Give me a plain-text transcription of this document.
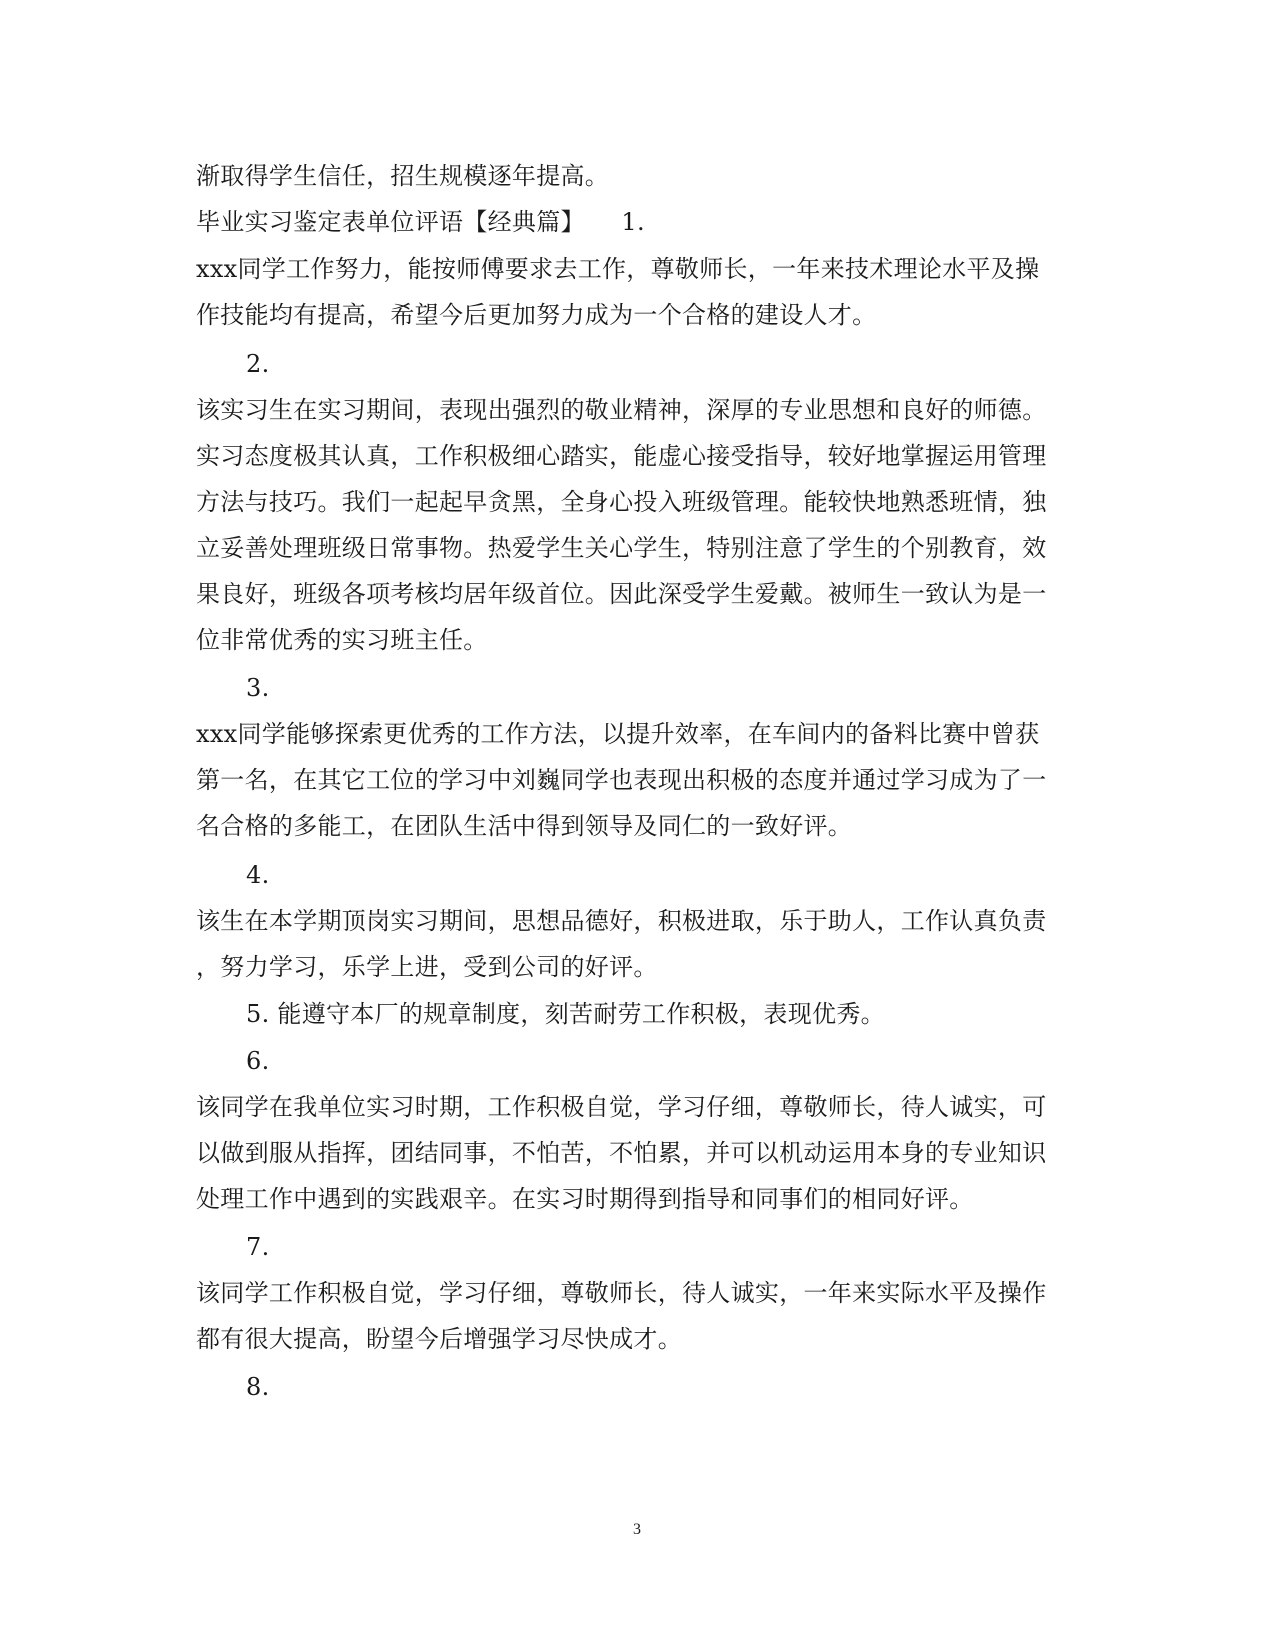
渐取得学生信任，招生规模逐年提高。
毕业实习鉴定表单位评语【经典篇】　　1.
xxx同学工作努力，能按师傅要求去工作，尊敬师长，一年来技术理论水平及操
作技能均有提高，希望今后更加努力成为一个合格的建设人才。
2.
该实习生在实习期间，表现出强烈的敬业精神，深厚的专业思想和良好的师德。
实习态度极其认真，工作积极细心踏实，能虚心接受指导，较好地掌握运用管理
方法与技巧。我们一起起早贪黑，全身心投入班级管理。能较快地熟悉班情，独
立妥善处理班级日常事物。热爱学生关心学生，特别注意了学生的个别教育，效
果良好，班级各项考核均居年级首位。因此深受学生爱戴。被师生一致认为是一
位非常优秀的实习班主任。
3.
xxx同学能够探索更优秀的工作方法，以提升效率，在车间内的备料比赛中曾获
第一名，在其它工位的学习中刘巍同学也表现出积极的态度并通过学习成为了一
名合格的多能工，在团队生活中得到领导及同仁的一致好评。
4.
该生在本学期顶岗实习期间，思想品德好，积极进取，乐于助人，工作认真负责
，努力学习，乐学上进，受到公司的好评。
5. 能遵守本厂的规章制度，刻苦耐劳工作积极，表现优秀。
6.
该同学在我单位实习时期，工作积极自觉，学习仔细，尊敬师长，待人诚实，可
以做到服从指挥，团结同事，不怕苦，不怕累，并可以机动运用本身的专业知识
处理工作中遇到的实践艰辛。在实习时期得到指导和同事们的相同好评。
7.
该同学工作积极自觉，学习仔细，尊敬师长，待人诚实，一年来实际水平及操作
都有很大提高，盼望今后增强学习尽快成才。
8.
3
